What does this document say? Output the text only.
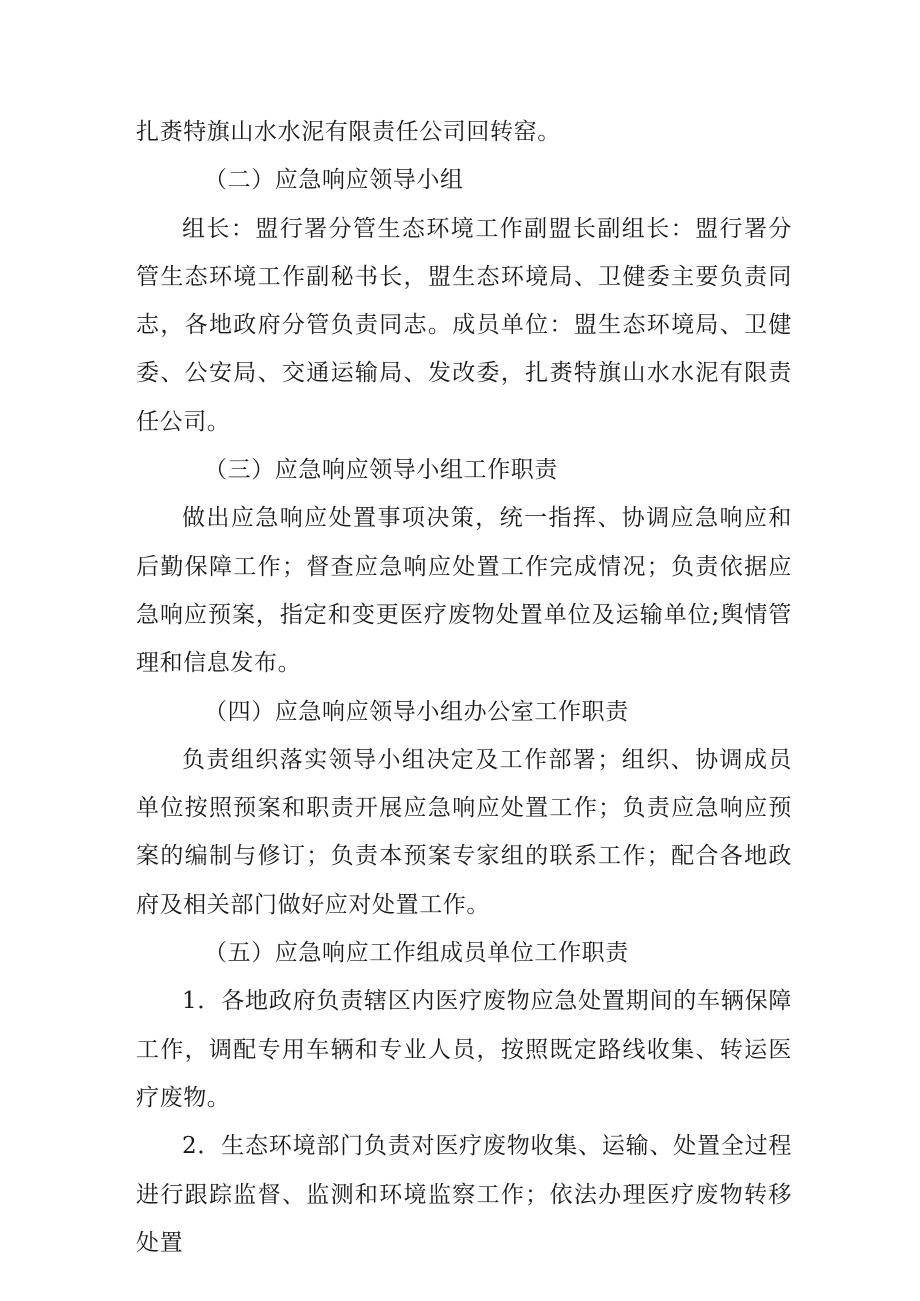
扎赉特旗山水水泥有限责任公司回转窑。

（二）应急响应领导小组

组长：盟行署分管生态环境工作副盟长副组长：盟行署分管生态环境工作副秘书长，盟生态环境局、卫健委主要负责同志，各地政府分管负责同志。成员单位：盟生态环境局、卫健委、公安局、交通运输局、发改委，扎赉特旗山水水泥有限责任公司。

（三）应急响应领导小组工作职责

做出应急响应处置事项决策，统一指挥、协调应急响应和后勤保障工作；督查应急响应处置工作完成情况；负责依据应急响应预案，指定和变更医疗废物处置单位及运输单位;舆情管理和信息发布。

（四）应急响应领导小组办公室工作职责

负责组织落实领导小组决定及工作部署；组织、协调成员单位按照预案和职责开展应急响应处置工作；负责应急响应预案的编制与修订；负责本预案专家组的联系工作；配合各地政府及相关部门做好应对处置工作。

（五）应急响应工作组成员单位工作职责

1．各地政府负责辖区内医疗废物应急处置期间的车辆保障工作，调配专用车辆和专业人员，按照既定路线收集、转运医疗废物。

2．生态环境部门负责对医疗废物收集、运输、处置全过程进行跟踪监督、监测和环境监察工作；依法办理医疗废物转移处置
